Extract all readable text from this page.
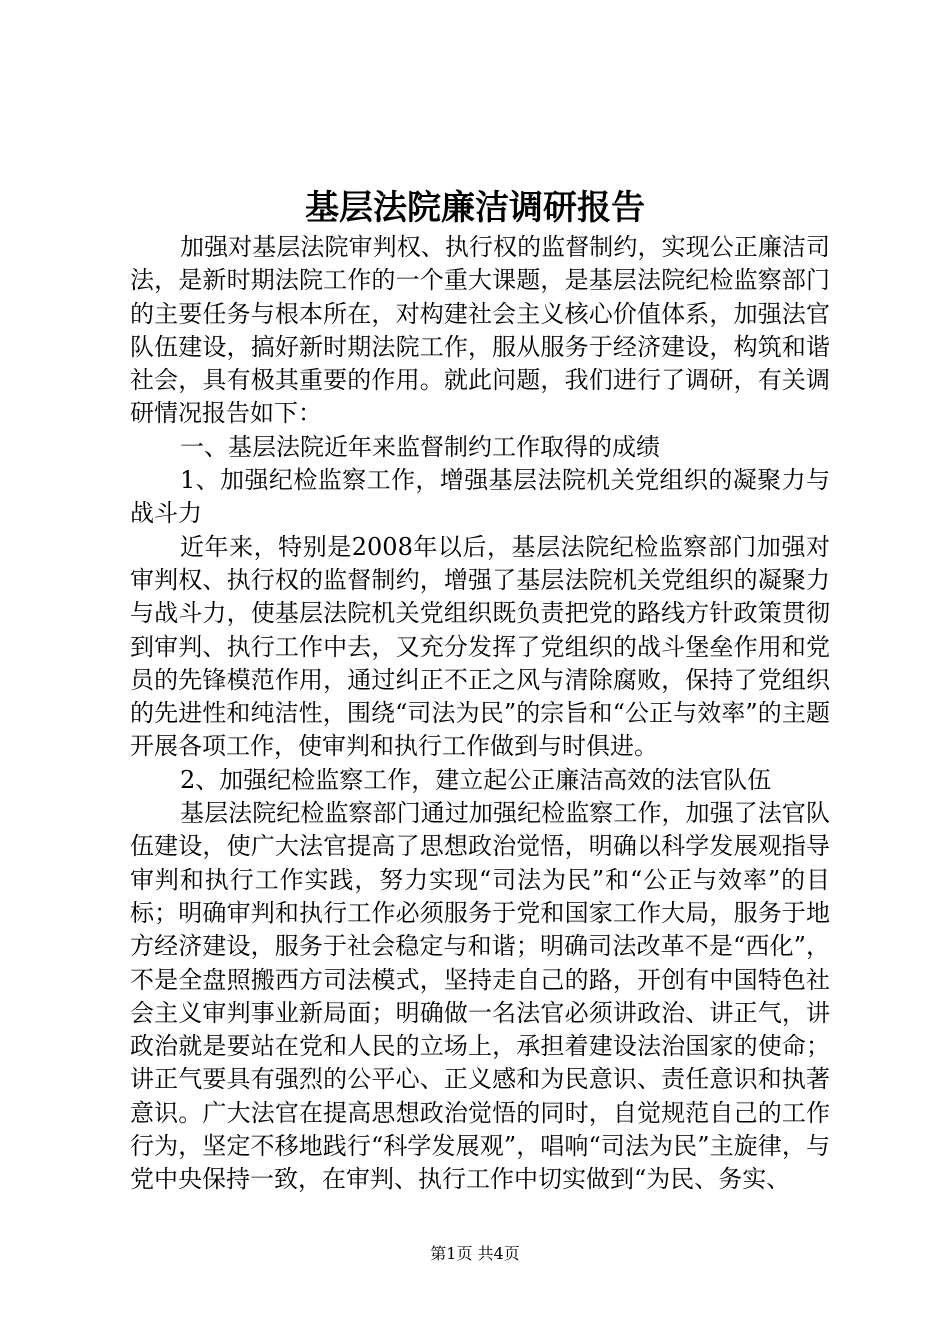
基层法院廉洁调研报告

加强对基层法院审判权、执行权的监督制约，实现公正廉洁司法，是新时期法院工作的一个重大课题，是基层法院纪检监察部门的主要任务与根本所在，对构建社会主义核心价值体系，加强法官队伍建设，搞好新时期法院工作，服从服务于经济建设，构筑和谐社会，具有极其重要的作用。就此问题，我们进行了调研，有关调研情况报告如下：

一、基层法院近年来监督制约工作取得的成绩

1、加强纪检监察工作，增强基层法院机关党组织的凝聚力与战斗力

近年来，特别是2008年以后，基层法院纪检监察部门加强对审判权、执行权的监督制约，增强了基层法院机关党组织的凝聚力与战斗力，使基层法院机关党组织既负责把党的路线方针政策贯彻到审判、执行工作中去，又充分发挥了党组织的战斗堡垒作用和党员的先锋模范作用，通过纠正不正之风与清除腐败，保持了党组织的先进性和纯洁性，围绕“司法为民”的宗旨和“公正与效率”的主题开展各项工作，使审判和执行工作做到与时俱进。

2、加强纪检监察工作，建立起公正廉洁高效的法官队伍

基层法院纪检监察部门通过加强纪检监察工作，加强了法官队伍建设，使广大法官提高了思想政治觉悟，明确以科学发展观指导审判和执行工作实践，努力实现“司法为民”和“公正与效率”的目标；明确审判和执行工作必须服务于党和国家工作大局，服务于地方经济建设，服务于社会稳定与和谐；明确司法改革不是“西化”，不是全盘照搬西方司法模式，坚持走自己的路，开创有中国特色社会主义审判事业新局面；明确做一名法官必须讲政治、讲正气，讲政治就是要站在党和人民的立场上，承担着建设法治国家的使命；讲正气要具有强烈的公平心、正义感和为民意识、责任意识和执著意识。广大法官在提高思想政治觉悟的同时，自觉规范自己的工作行为，坚定不移地践行“科学发展观”，唱响“司法为民”主旋律，与党中央保持一致，在审判、执行工作中切实做到“为民、务实、

第1页 共4页
